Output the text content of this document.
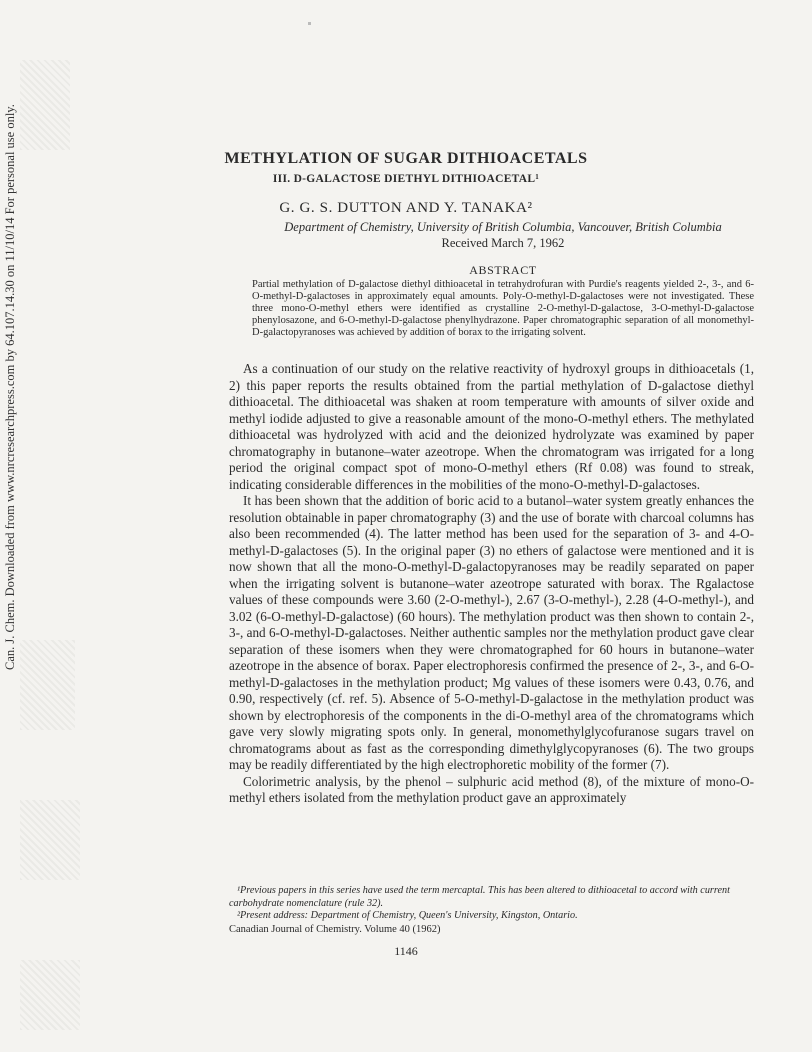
Can. J. Chem. Downloaded from www.nrcresearchpress.com by 64.107.14.30 on 11/10/14 For personal use only.	METHYLATION OF SUGAR DITHIOACETALS
III. D-GALACTOSE DIETHYL DITHIOACETAL¹
G. G. S. DUTTON AND Y. TANAKA²
Department of Chemistry, University of British Columbia, Vancouver, British Columbia
Received March 7, 1962
ABSTRACT
Partial methylation of D-galactose diethyl dithioacetal in tetrahydrofuran with Purdie's reagents yielded 2-, 3-, and 6-O-methyl-D-galactoses in approximately equal amounts. Poly-O-methyl-D-galactoses were not investigated. These three mono-O-methyl ethers were identified as crystalline 2-O-methyl-D-galactose, 3-O-methyl-D-galactose phenylosazone, and 6-O-methyl-D-galactose phenylhydrazone. Paper chromatographic separation of all monomethyl-D-galactopyranoses was achieved by addition of borax to the irrigating solvent.

As a continuation of our study on the relative reactivity of hydroxyl groups in dithioacetals (1, 2) this paper reports the results obtained from the partial methylation of D-galactose diethyl dithioacetal. The dithioacetal was shaken at room temperature with amounts of silver oxide and methyl iodide adjusted to give a reasonable amount of the mono-O-methyl ethers. The methylated dithioacetal was hydrolyzed with acid and the deionized hydrolyzate was examined by paper chromatography in butanone–water azeotrope. When the chromatogram was irrigated for a long period the original compact spot of mono-O-methyl ethers (Rf 0.08) was found to streak, indicating considerable differences in the mobilities of the mono-O-methyl-D-galactoses.

It has been shown that the addition of boric acid to a butanol–water system greatly enhances the resolution obtainable in paper chromatography (3) and the use of borate with charcoal columns has also been recommended (4). The latter method has been used for the separation of 3- and 4-O-methyl-D-galactoses (5). In the original paper (3) no ethers of galactose were mentioned and it is now shown that all the mono-O-methyl-D-galactopyranoses may be readily separated on paper when the irrigating solvent is butanone–water azeotrope saturated with borax. The Rgalactose values of these compounds were 3.60 (2-O-methyl-), 2.67 (3-O-methyl-), 2.28 (4-O-methyl-), and 3.02 (6-O-methyl-D-galactose) (60 hours). The methylation product was then shown to contain 2-, 3-, and 6-O-methyl-D-galactoses. Neither authentic samples nor the methylation product gave clear separation of these isomers when they were chromatographed for 60 hours in butanone–water azeotrope in the absence of borax. Paper electrophoresis confirmed the presence of 2-, 3-, and 6-O-methyl-D-galactoses in the methylation product; Mg values of these isomers were 0.43, 0.76, and 0.90, respectively (cf. ref. 5). Absence of 5-O-methyl-D-galactose in the methylation product was shown by electrophoresis of the components in the di-O-methyl area of the chromatograms which gave very slowly migrating spots only. In general, monomethylglycofuranose sugars travel on chromatograms about as fast as the corresponding dimethylglycopyranoses (6). The two groups may be readily differentiated by the high electrophoretic mobility of the former (7).

Colorimetric analysis, by the phenol – sulphuric acid method (8), of the mixture of mono-O-methyl ethers isolated from the methylation product gave an approximately

¹Previous papers in this series have used the term mercaptal. This has been altered to dithioacetal to accord with current carbohydrate nomenclature (rule 32).

²Present address: Department of Chemistry, Queen's University, Kingston, Ontario.

Canadian Journal of Chemistry. Volume 40 (1962)
1146
